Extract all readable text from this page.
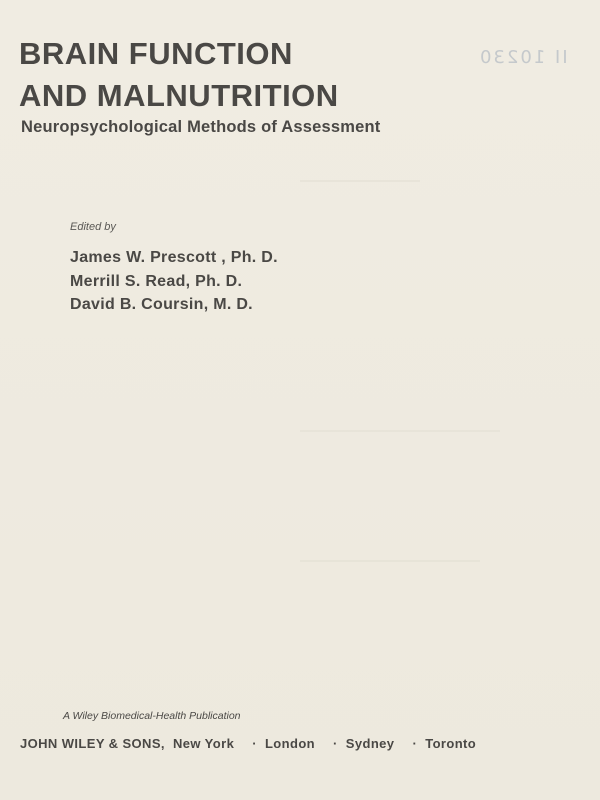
II 10230
BRAIN FUNCTION
AND MALNUTRITION
Neuropsychological Methods of Assessment
Edited by
James W. Prescott , Ph. D.
Merrill S. Read, Ph. D.
David B. Coursin, M. D.
A Wiley Biomedical-Health Publication
JOHN WILEY & SONS, New York · London · Sydney · Toronto
